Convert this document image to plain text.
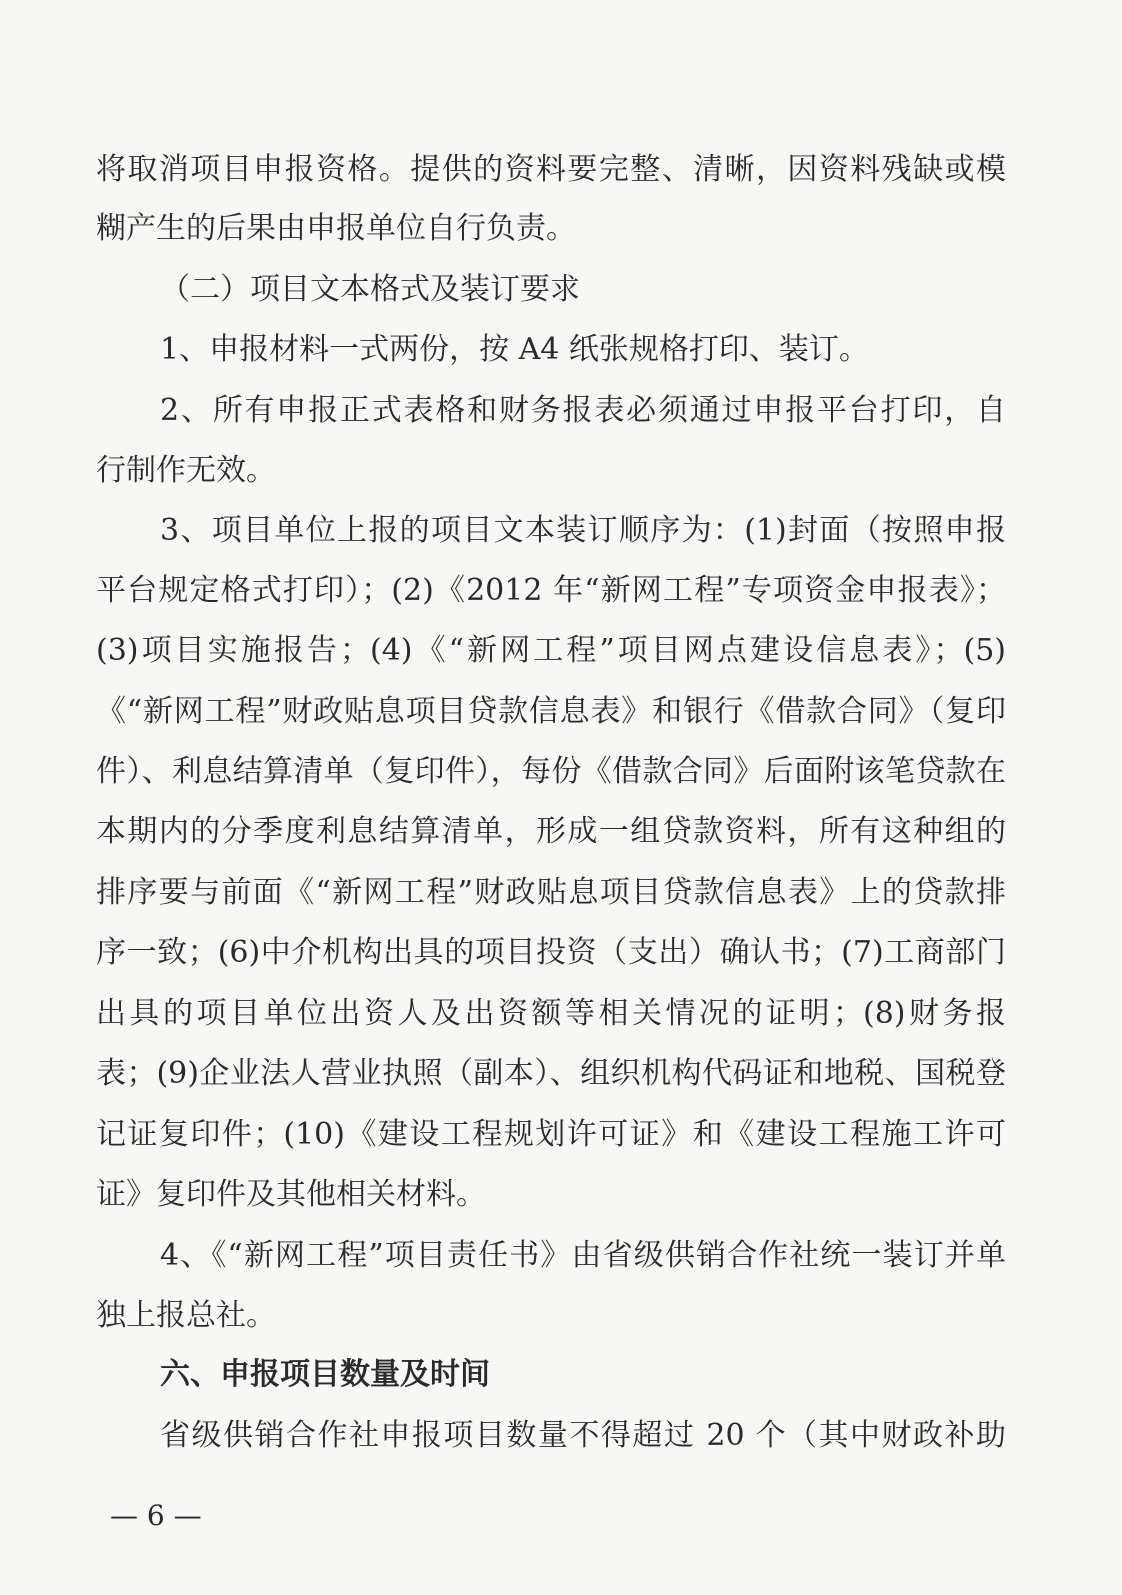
将取消项目申报资格。提供的资料要完整、清晰，因资料残缺或模
糊产生的后果由申报单位自行负责。
（二）项目文本格式及装订要求
1、申报材料一式两份，按 A4 纸张规格打印、装订。
2、所有申报正式表格和财务报表必须通过申报平台打印，自
行制作无效。
3、项目单位上报的项目文本装订顺序为：(1)封面（按照申报
平台规定格式打印）；(2)《2012 年“新网工程”专项资金申报表》；
(3)项目实施报告；(4)《“新网工程”项目网点建设信息表》；(5)
《“新网工程”财政贴息项目贷款信息表》和银行《借款合同》（复印
件）、利息结算清单（复印件），每份《借款合同》后面附该笔贷款在
本期内的分季度利息结算清单，形成一组贷款资料，所有这种组的
排序要与前面《“新网工程”财政贴息项目贷款信息表》上的贷款排
序一致；(6)中介机构出具的项目投资（支出）确认书；(7)工商部门
出具的项目单位出资人及出资额等相关情况的证明；(8)财务报
表；(9)企业法人营业执照（副本）、组织机构代码证和地税、国税登
记证复印件；(10)《建设工程规划许可证》和《建设工程施工许可
证》复印件及其他相关材料。
4、《“新网工程”项目责任书》由省级供销合作社统一装订并单
独上报总社。
六、申报项目数量及时间
省级供销合作社申报项目数量不得超过 20 个（其中财政补助
— 6 —
